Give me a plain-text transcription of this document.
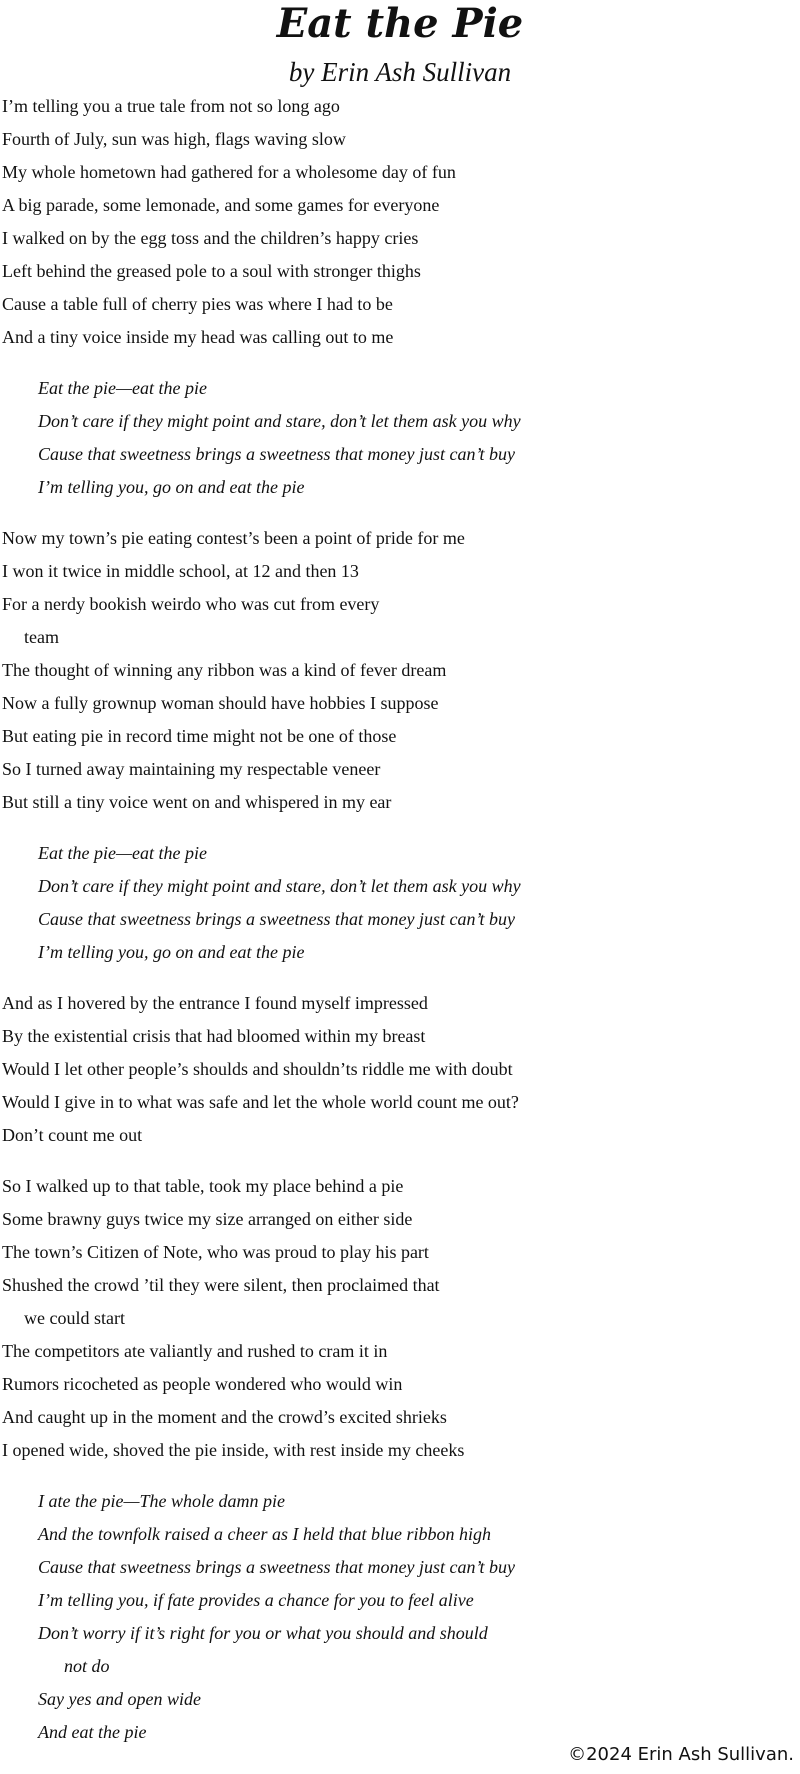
Eat the Pie
by Erin Ash Sullivan
I’m telling you a true tale from not so long ago
Fourth of July, sun was high, flags waving slow
My whole hometown had gathered for a wholesome day of fun
A big parade, some lemonade, and some games for everyone
I walked on by the egg toss and the children’s happy cries
Left behind the greased pole to a soul with stronger thighs
Cause a table full of cherry pies was where I had to be
And a tiny voice inside my head was calling out to me
Eat the pie—eat the pie
Don’t care if they might point and stare, don’t let them ask you why
Cause that sweetness brings a sweetness that money just can’t buy
I’m telling you, go on and eat the pie
Now my town’s pie eating contest’s been a point of pride for me
I won it twice in middle school, at 12 and then 13
For a nerdy bookish weirdo who was cut from every
team
The thought of winning any ribbon was a kind of fever dream
Now a fully grownup woman should have hobbies I suppose
But eating pie in record time might not be one of those
So I turned away maintaining my respectable veneer
But still a tiny voice went on and whispered in my ear
Eat the pie—eat the pie
Don’t care if they might point and stare, don’t let them ask you why
Cause that sweetness brings a sweetness that money just can’t buy
I’m telling you, go on and eat the pie
And as I hovered by the entrance I found myself impressed
By the existential crisis that had bloomed within my breast
Would I let other people’s shoulds and shouldn’ts riddle me with doubt
Would I give in to what was safe and let the whole world count me out?
Don’t count me out
So I walked up to that table, took my place behind a pie
Some brawny guys twice my size arranged on either side
The town’s Citizen of Note, who was proud to play his part
Shushed the crowd ’til they were silent, then proclaimed that
we could start
The competitors ate valiantly and rushed to cram it in
Rumors ricocheted as people wondered who would win
And caught up in the moment and the crowd’s excited shrieks
I opened wide, shoved the pie inside, with rest inside my cheeks
I ate the pie—The whole damn pie
And the townfolk raised a cheer as I held that blue ribbon high
Cause that sweetness brings a sweetness that money just can’t buy
I’m telling you, if fate provides a chance for you to feel alive
Don’t worry if it’s right for you or what you should and should
not do
Say yes and open wide
And eat the pie
©2024 Erin Ash Sullivan.
